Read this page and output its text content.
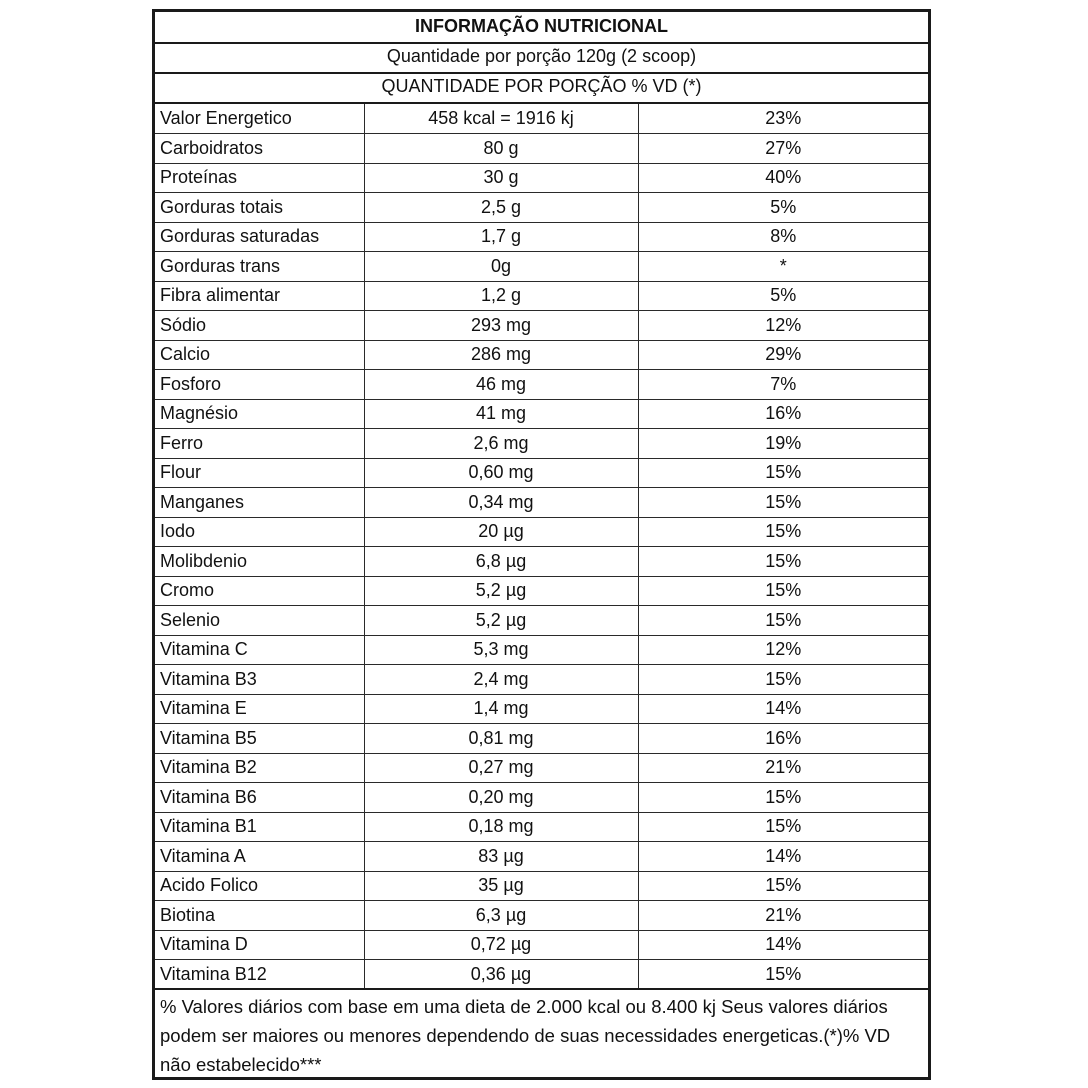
INFORMAÇÃO NUTRICIONAL
Quantidade por porção 120g (2 scoop)
QUANTIDADE POR PORÇÃO % VD (*)
Valor Energetico	458 kcal = 1916 kj	23%
Carboidratos	80 g	27%
Proteínas	30 g	40%
Gorduras totais	2,5 g	5%
Gorduras saturadas	1,7 g	8%
Gorduras trans	0g	*
Fibra alimentar	1,2 g	5%
Sódio	293 mg	12%
Calcio	286 mg	29%
Fosforo	46 mg	7%
Magnésio	41 mg	16%
Ferro	2,6 mg	19%
Flour	0,60 mg	15%
Manganes	0,34 mg	15%
Iodo	20 µg	15%
Molibdenio	6,8 µg	15%
Cromo	5,2 µg	15%
Selenio	5,2 µg	15%
Vitamina C	5,3 mg	12%
Vitamina B3	2,4 mg	15%
Vitamina E	1,4 mg	14%
Vitamina B5	0,81 mg	16%
Vitamina B2	0,27 mg	21%
Vitamina B6	0,20 mg	15%
Vitamina B1	0,18 mg	15%
Vitamina A	83 µg	14%
Acido Folico	35 µg	15%
Biotina	6,3 µg	21%
Vitamina D	0,72 µg	14%
Vitamina B12	0,36 µg	15%
% Valores diários com base em uma dieta de 2.000 kcal ou 8.400 kj Seus valores diários podem ser maiores ou menores dependendo de suas necessidades energeticas.(*)% VD não estabelecido***
